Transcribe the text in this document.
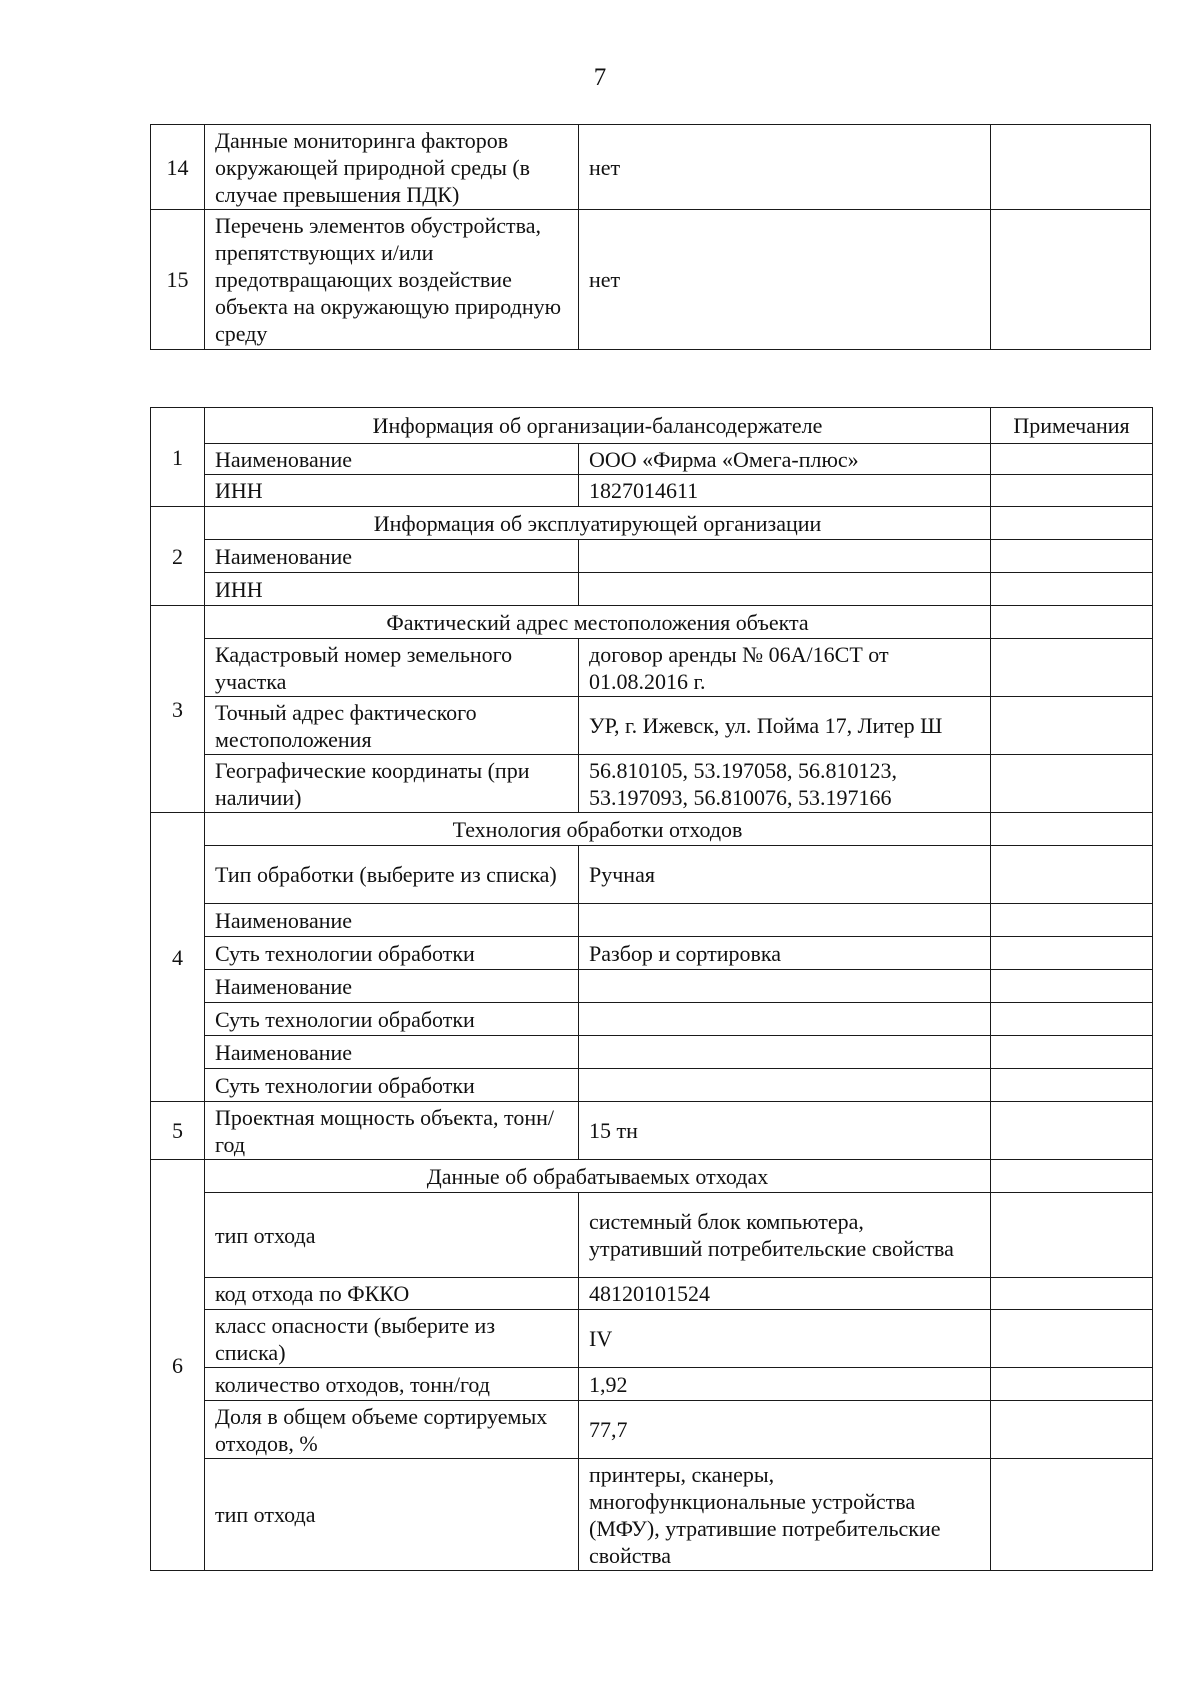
7
14	Данные мониторинга факторов окружающей природной среды (в случае превышения ПДК)	нет	
15	Перечень элементов обустройства, препятствующих и/или предотвращающих воздействие объекта на окружающую природную среду	нет	
1	Информация об организации-балансодержателе		Примечания
	Наименование	ООО «Фирма «Омега-плюс»	
	ИНН	1827014611	
2	Информация об эксплуатирующей организации		
	Наименование		
	ИНН		
3	Фактический адрес местоположения объекта		
	Кадастровый номер земельного участка	договор аренды № 06А/16СТ от 01.08.2016 г.	
	Точный адрес фактического местоположения	УР, г. Ижевск, ул. Пойма 17, Литер Ш	
	Географические координаты (при наличии)	56.810105, 53.197058, 56.810123, 53.197093, 56.810076, 53.197166	
4	Технология обработки отходов		
	Тип обработки (выберите из списка)	Ручная	
	Наименование		
	Суть технологии обработки	Разбор и сортировка	
	Наименование		
	Суть технологии обработки		
	Наименование		
	Суть технологии обработки		
5	Проектная мощность объекта, тонн/год	15 тн	
6	Данные об обрабатываемых отходах		
	тип отхода	системный блок компьютера, утративший потребительские свойства	
	код отхода по ФККО	48120101524	
	класс опасности (выберите из списка)	IV	
	количество отходов, тонн/год	1,92	
	Доля в общем объеме сортируемых отходов, %	77,7	
	тип отхода	принтеры, сканеры, многофункциональные устройства (МФУ), утратившие потребительские свойства	
